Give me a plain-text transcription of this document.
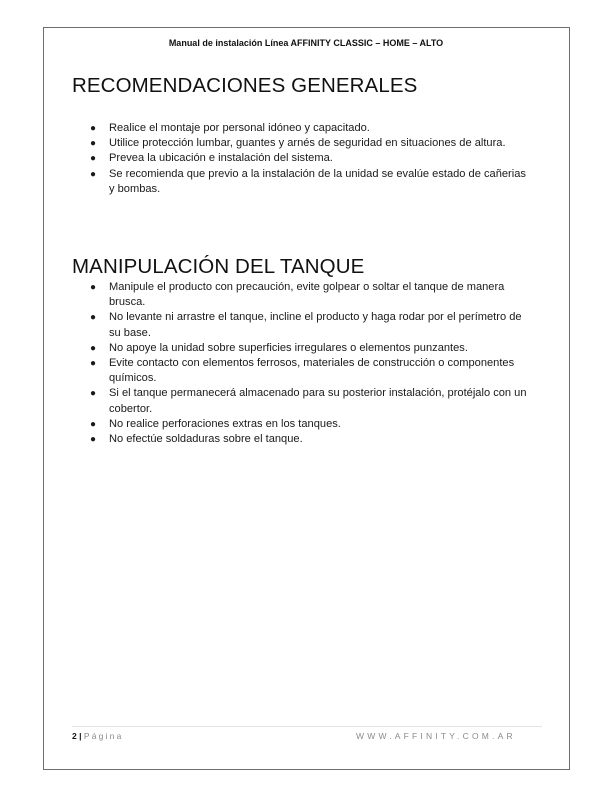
Manual de instalación Línea AFFINITY CLASSIC – HOME – ALTO
RECOMENDACIONES GENERALES
● Realice el montaje por personal idóneo y capacitado.
● Utilice protección lumbar, guantes y arnés de seguridad en situaciones de altura.
● Prevea la ubicación e instalación del sistema.
● Se recomienda que previo a la instalación de la unidad se evalúe estado de cañerias y bombas.
MANIPULACIÓN DEL TANQUE
● Manipule el producto con precaución, evite golpear o soltar el tanque de manera brusca.
● No levante ni arrastre el tanque, incline el producto y haga rodar por el perímetro de su base.
● No apoye la unidad sobre superficies irregulares o elementos punzantes.
● Evite contacto con elementos ferrosos, materiales de construcción o componentes químicos.
● Si el tanque permanecerá almacenado para su posterior instalación, protéjalo con un cobertor.
● No realice perforaciones extras en los tanques.
● No efectúe soldaduras sobre el tanque.
2 | Página	WWW.AFFINITY.COM.AR
